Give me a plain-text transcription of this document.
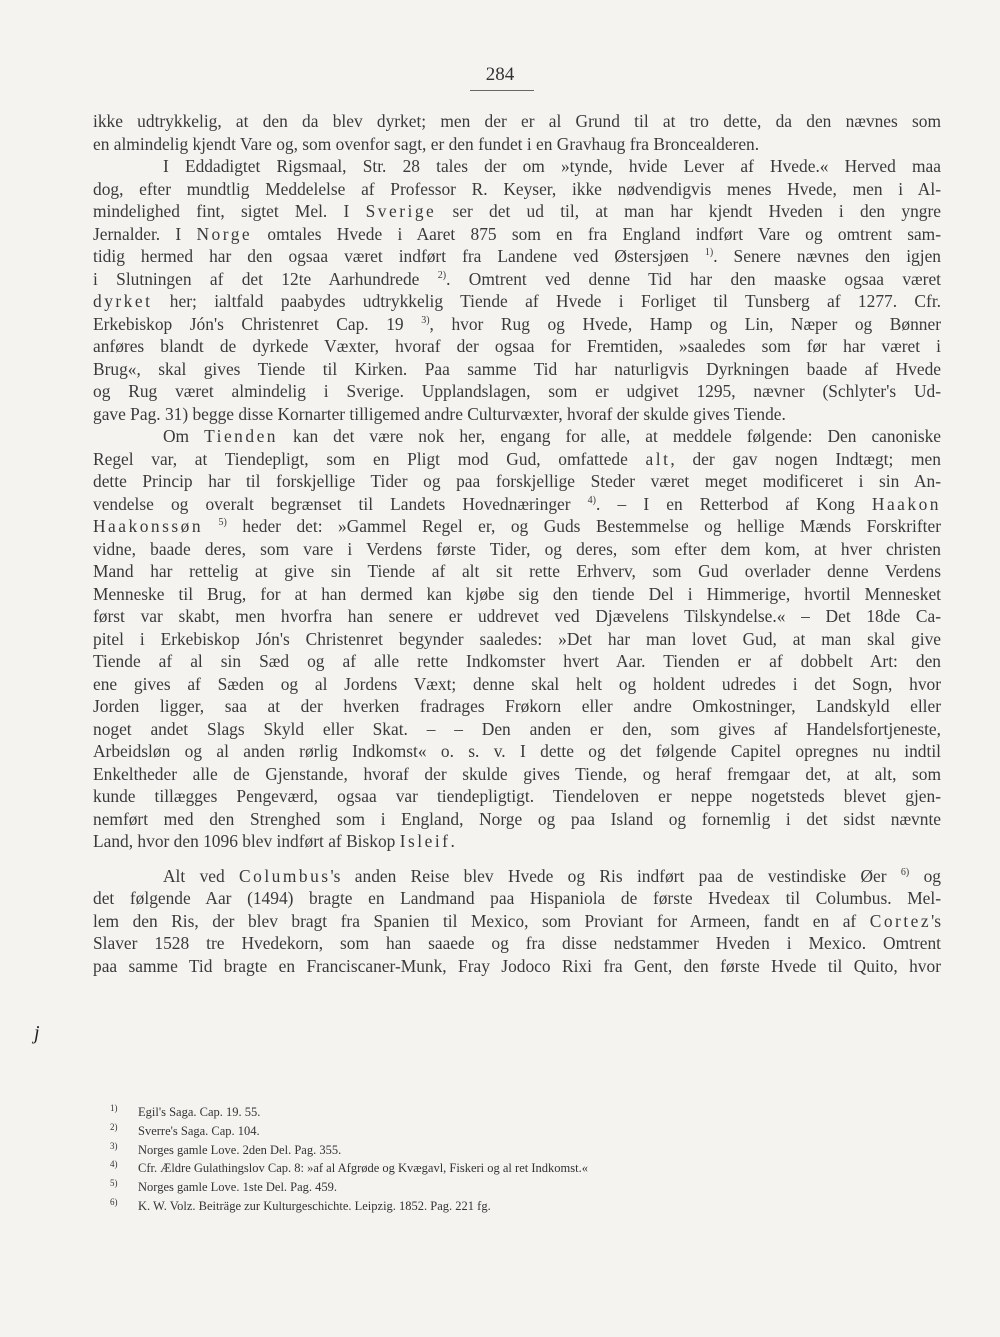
284
ikke udtrykkelig, at den da blev dyrket; men der er al Grund til at tro dette, da den nævnes som
en almindelig kjendt Vare og, som ovenfor sagt, er den fundet i en Gravhaug fra Broncealderen.
I Eddadigtet Rigsmaal, Str. 28 tales der om »tynde, hvide Lever af Hvede.« Herved maa
dog, efter mundtlig Meddelelse af Professor R. Keyser, ikke nødvendigvis menes Hvede, men i Al-
mindelighed fint, sigtet Mel. I Sverige ser det ud til, at man har kjendt Hveden i den yngre
Jernalder. I Norge omtales Hvede i Aaret 875 som en fra England indført Vare og omtrent sam-
tidig hermed har den ogsaa været indført fra Landene ved Østersjøen $^{1)}$. Senere nævnes den igjen
i Slutningen af det 12te Aarhundrede $^{2)}$. Omtrent ved denne Tid har den maaske ogsaa været
dyrket her; ialtfald paabydes udtrykkelig Tiende af Hvede i Forliget til Tunsberg af 1277. Cfr.
Erkebiskop Jón's Christenret Cap. 19 $^{3)}$, hvor Rug og Hvede, Hamp og Lin, Næper og Bønner
anføres blandt de dyrkede Væxter, hvoraf der ogsaa for Fremtiden, »saaledes som før har været i
Brug«, skal gives Tiende til Kirken. Paa samme Tid har naturligvis Dyrkningen baade af Hvede
og Rug været almindelig i Sverige. Upplandslagen, som er udgivet 1295, nævner (Schlyter's Ud-
gave Pag. 31) begge disse Kornarter tilligemed andre Culturvæxter, hvoraf der skulde gives Tiende.
Om Tienden kan det være nok her, engang for alle, at meddele følgende: Den canoniske
Regel var, at Tiendepligt, som en Pligt mod Gud, omfattede alt, der gav nogen Indtægt; men
dette Princip har til forskjellige Tider og paa forskjellige Steder været meget modificeret i sin An-
vendelse og overalt begrænset til Landets Hovednæringer $^{4)}$. – I en Retterbod af Kong Haakon
Haakonssøn $^{5)}$ heder det: »Gammel Regel er, og Guds Bestemmelse og hellige Mænds Forskrifter
vidne, baade deres, som vare i Verdens første Tider, og deres, som efter dem kom, at hver christen
Mand har rettelig at give sin Tiende af alt sit rette Erhverv, som Gud overlader denne Verdens
Menneske til Brug, for at han dermed kan kjøbe sig den tiende Del i Himmerige, hvortil Mennesket
først var skabt, men hvorfra han senere er uddrevet ved Djævelens Tilskyndelse.« – Det 18de Ca-
pitel i Erkebiskop Jón's Christenret begynder saaledes: »Det har man lovet Gud, at man skal give
Tiende af al sin Sæd og af alle rette Indkomster hvert Aar. Tienden er af dobbelt Art: den
ene gives af Sæden og al Jordens Væxt; denne skal helt og holdent udredes i det Sogn, hvor
Jorden ligger, saa at der hverken fradrages Frøkorn eller andre Omkostninger, Landskyld eller
noget andet Slags Skyld eller Skat. – – Den anden er den, som gives af Handelsfortjeneste,
Arbeidsløn og al anden rørlig Indkomst« o. s. v. I dette og det følgende Capitel opregnes nu indtil
Enkeltheder alle de Gjenstande, hvoraf der skulde gives Tiende, og heraf fremgaar det, at alt, som
kunde tillægges Pengeværd, ogsaa var tiendepligtigt. Tiendeloven er neppe nogetsteds blevet gjen-
nemført med den Strenghed som i England, Norge og paa Island og fornemlig i det sidst nævnte
Land, hvor den 1096 blev indført af Biskop Isleif.
Alt ved Columbus's anden Reise blev Hvede og Ris indført paa de vestindiske Øer $^{6)}$ og
det følgende Aar (1494) bragte en Landmand paa Hispaniola de første Hvedeax til Columbus. Mel-
lem den Ris, der blev bragt fra Spanien til Mexico, som Proviant for Armeen, fandt en af Cortez's
Slaver 1528 tre Hvedekorn, som han saaede og fra disse nedstammer Hveden i Mexico. Omtrent
paa samme Tid bragte en Franciscaner-Munk, Fray Jodoco Rixi fra Gent, den første Hvede til Quito, hvor
j
$^{1)}$ Egil's Saga. Cap. 19. 55.
$^{2)}$ Sverre's Saga. Cap. 104.
$^{3)}$ Norges gamle Love. 2den Del. Pag. 355.
$^{4)}$ Cfr. Ældre Gulathingslov Cap. 8: »af al Afgrøde og Kvægavl, Fiskeri og al ret Indkomst.«
$^{5)}$ Norges gamle Love. 1ste Del. Pag. 459.
$^{6)}$ K. W. Volz. Beiträge zur Kulturgeschichte. Leipzig. 1852. Pag. 221 fg.
